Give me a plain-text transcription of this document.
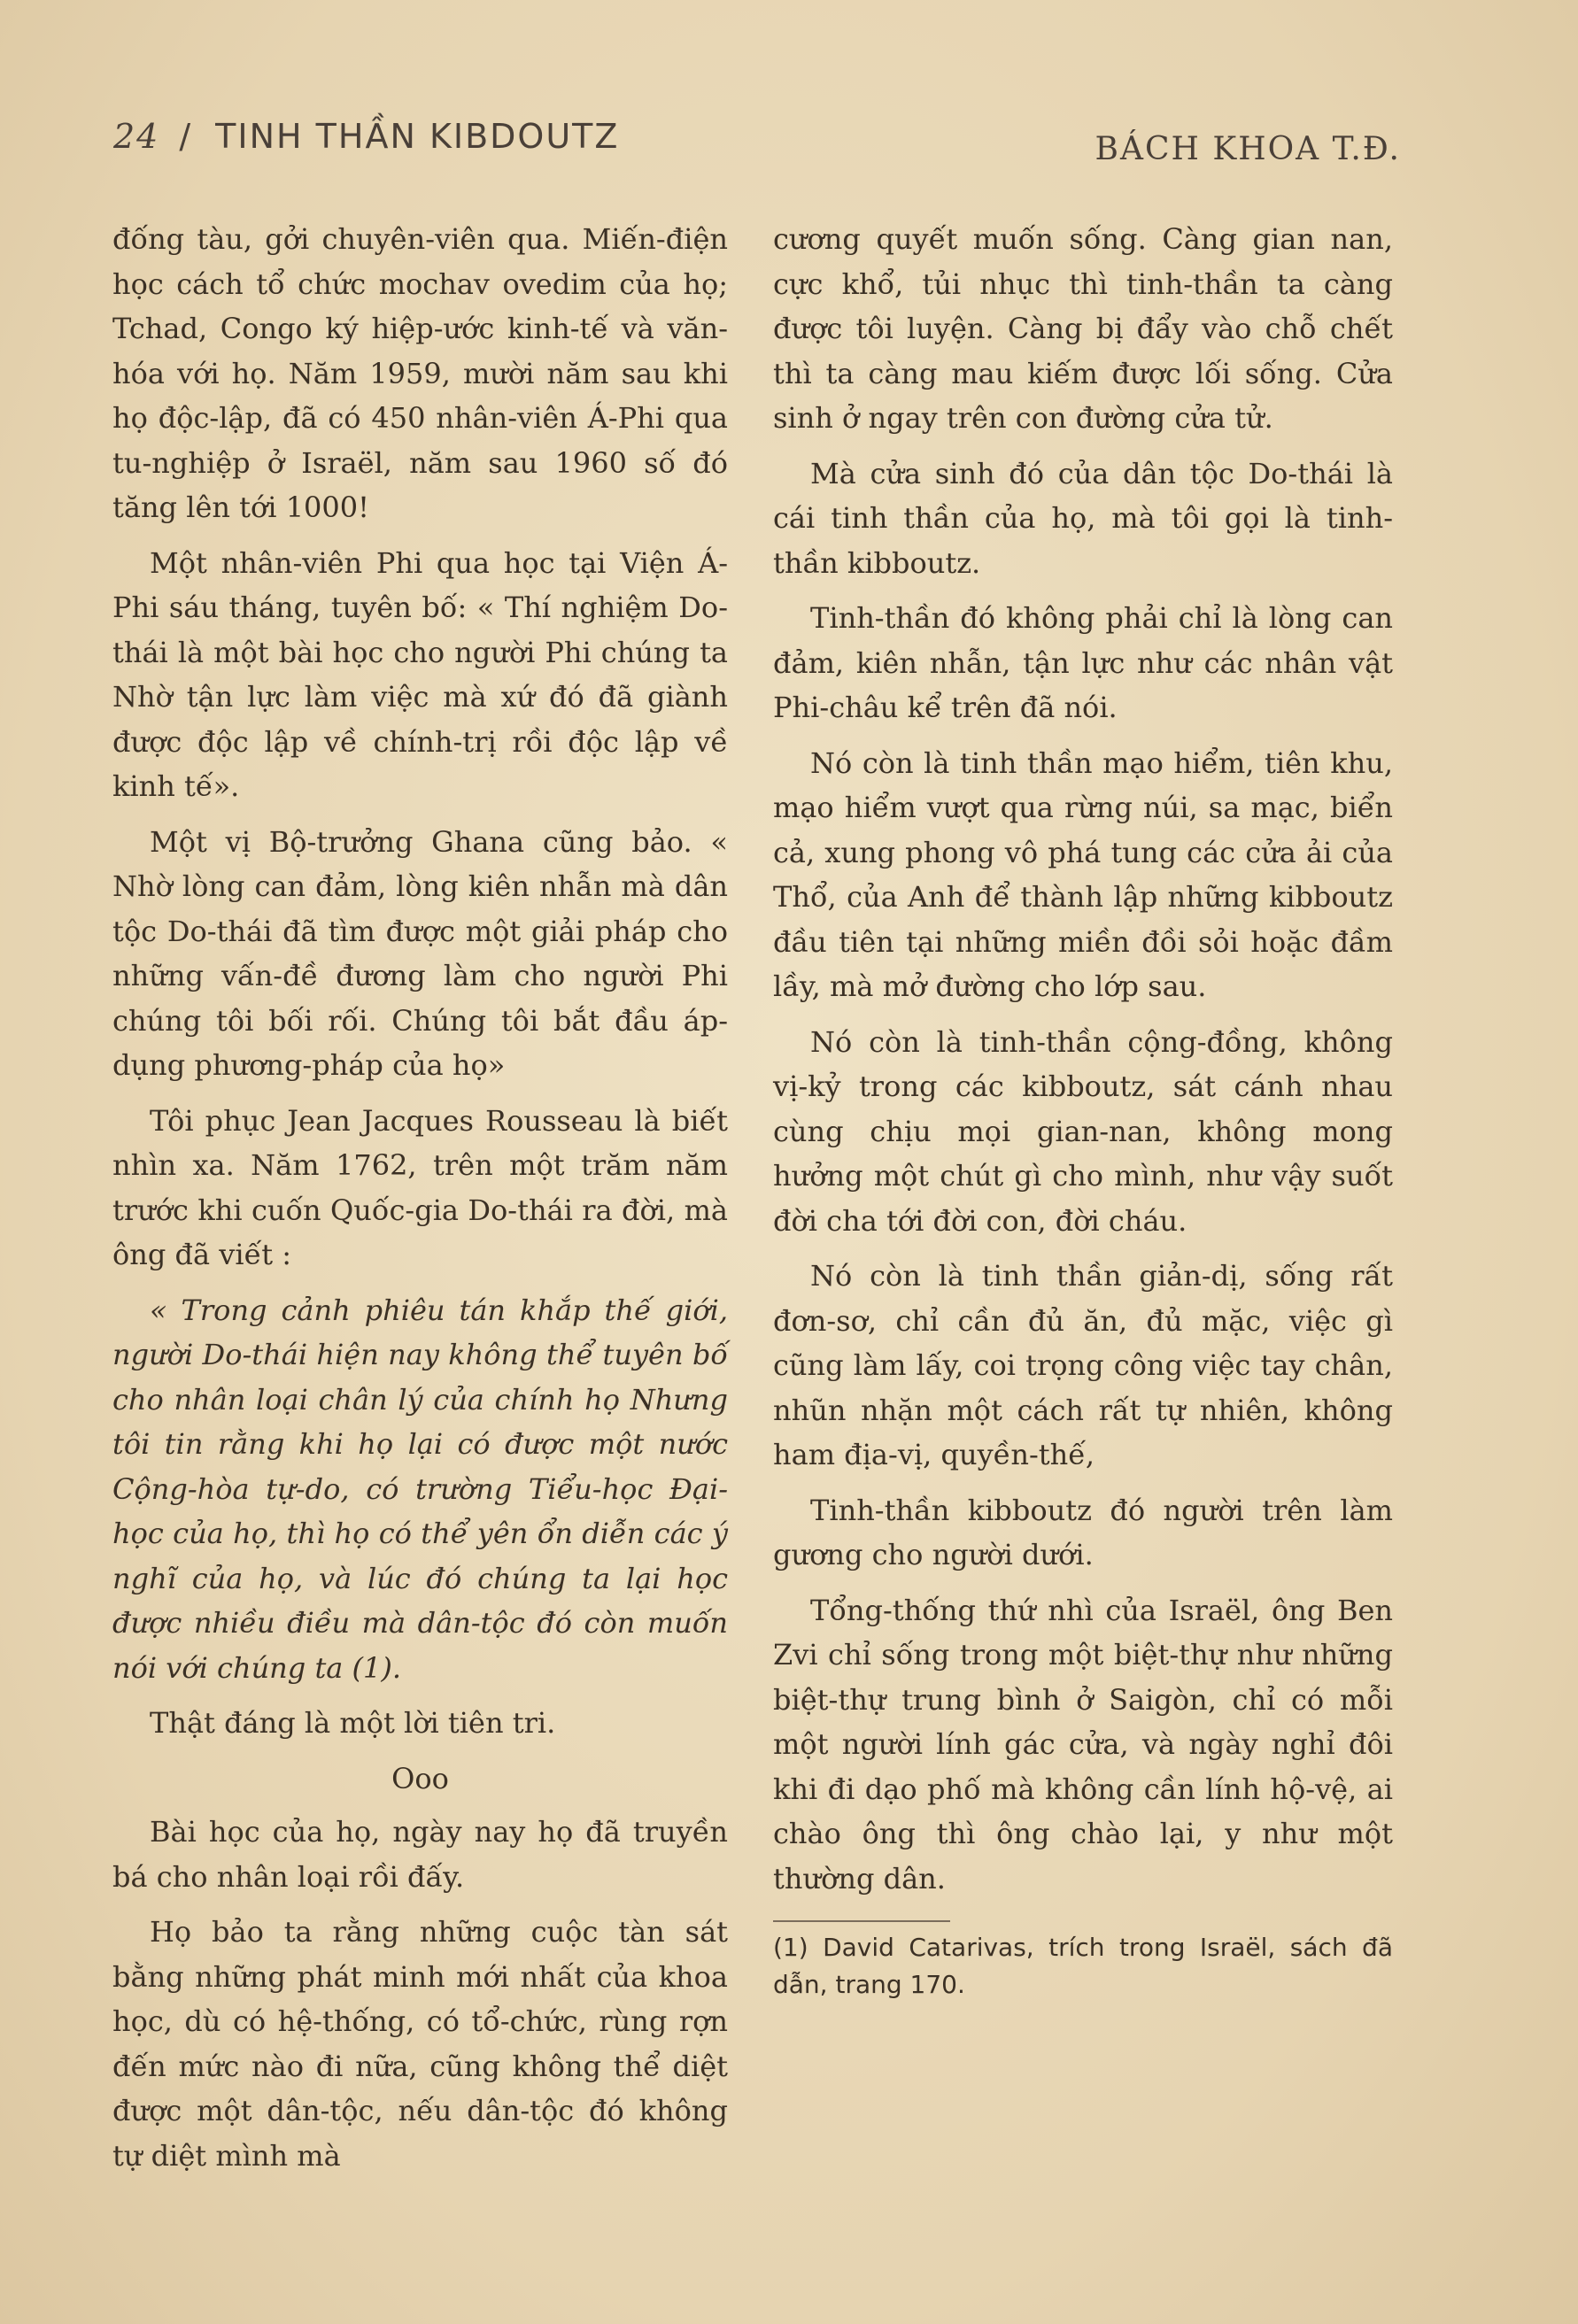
24 / TINH THẦN KIBDOUTZ	BÁCH KHOA T.Đ.

đống tàu, gởi chuyên-viên qua. Miến-điện học cách tổ chức mochav ovedim của họ; Tchad, Congo ký hiệp-ước kinh-tế và văn-hóa với họ. Năm 1959, mười năm sau khi họ độc-lập, đã có 450 nhân-viên Á-Phi qua tu-nghiệp ở Israël, năm sau 1960 số đó tăng lên tới 1000!

Một nhân-viên Phi qua học tại Viện Á-Phi sáu tháng, tuyên bố: « Thí nghiệm Do-thái là một bài học cho người Phi chúng ta Nhờ tận lực làm việc mà xứ đó đã giành được độc lập về chính-trị rồi độc lập về kinh tế».

Một vị Bộ-trưởng Ghana cũng bảo. « Nhờ lòng can đảm, lòng kiên nhẫn mà dân tộc Do-thái đã tìm được một giải pháp cho những vấn-đề đương làm cho người Phi chúng tôi bối rối. Chúng tôi bắt đầu áp-dụng phương-pháp của họ»

Tôi phục Jean Jacques Rousseau là biết nhìn xa. Năm 1762, trên một trăm năm trước khi cuốn Quốc-gia Do-thái ra đời, mà ông đã viết :

« Trong cảnh phiêu tán khắp thế giới, người Do-thái hiện nay không thể tuyên bố cho nhân loại chân lý của chính họ Nhưng tôi tin rằng khi họ lại có được một nước Cộng-hòa tự-do, có trường Tiểu-học Đại-học của họ, thì họ có thể yên ổn diễn các ý nghĩ của họ, và lúc đó chúng ta lại học được nhiều điều mà dân-tộc đó còn muốn nói với chúng ta (1).

Thật đáng là một lời tiên tri.

Ooo

Bài học của họ, ngày nay họ đã truyền bá cho nhân loại rồi đấy.

Họ bảo ta rằng những cuộc tàn sát bằng những phát minh mới nhất của khoa học, dù có hệ-thống, có tổ-chức, rùng rợn đến mức nào đi nữa, cũng không thể diệt được một dân-tộc, nếu dân-tộc đó không tự diệt mình mà

cương quyết muốn sống. Càng gian nan, cực khổ, tủi nhục thì tinh-thần ta càng được tôi luyện. Càng bị đẩy vào chỗ chết thì ta càng mau kiếm được lối sống. Cửa sinh ở ngay trên con đường cửa tử.

Mà cửa sinh đó của dân tộc Do-thái là cái tinh thần của họ, mà tôi gọi là tinh-thần kibboutz.

Tinh-thần đó không phải chỉ là lòng can đảm, kiên nhẫn, tận lực như các nhân vật Phi-châu kể trên đã nói.

Nó còn là tinh thần mạo hiểm, tiên khu, mạo hiểm vượt qua rừng núi, sa mạc, biển cả, xung phong vô phá tung các cửa ải của Thổ, của Anh để thành lập những kibboutz đầu tiên tại những miền đồi sỏi hoặc đầm lầy, mà mở đường cho lớp sau.

Nó còn là tinh-thần cộng-đồng, không vị-kỷ trong các kibboutz, sát cánh nhau cùng chịu mọi gian-nan, không mong hưởng một chút gì cho mình, như vậy suốt đời cha tới đời con, đời cháu.

Nó còn là tinh thần giản-dị, sống rất đơn-sơ, chỉ cần đủ ăn, đủ mặc, việc gì cũng làm lấy, coi trọng công việc tay chân, nhũn nhặn một cách rất tự nhiên, không ham địa-vị, quyền-thế,

Tinh-thần kibboutz đó người trên làm gương cho người dưới.

Tổng-thống thứ nhì của Israël, ông Ben Zvi chỉ sống trong một biệt-thự như những biệt-thự trung bình ở Saigòn, chỉ có mỗi một người lính gác cửa, và ngày nghỉ đôi khi đi dạo phố mà không cần lính hộ-vệ, ai chào ông thì ông chào lại, y như một thường dân.

(1) David Catarivas, trích trong Israël, sách đã dẫn, trang 170.
